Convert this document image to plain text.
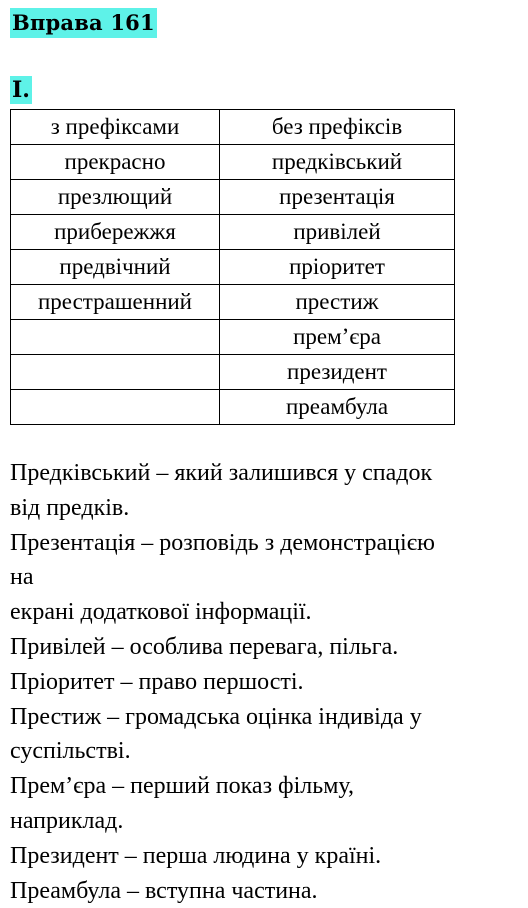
Вправа 161
I.
з префіксами	без префіксів
прекрасно	предківський
презлющий	презентація
прибережжя	привілей
предвічний	пріоритет
престрашенний	престиж
	прем’єра
	президент
	преамбула
Предківський – який залишився у спадок
від предків.
Презентація – розповідь з демонстрацією
на
екрані додаткової інформації.
Привілей – особлива перевага, пільга.
Пріоритет – право першості.
Престиж – громадська оцінка індивіда у
суспільстві.
Прем’єра – перший показ фільму,
наприклад.
Президент – перша людина у країні.
Преамбула – вступна частина.
